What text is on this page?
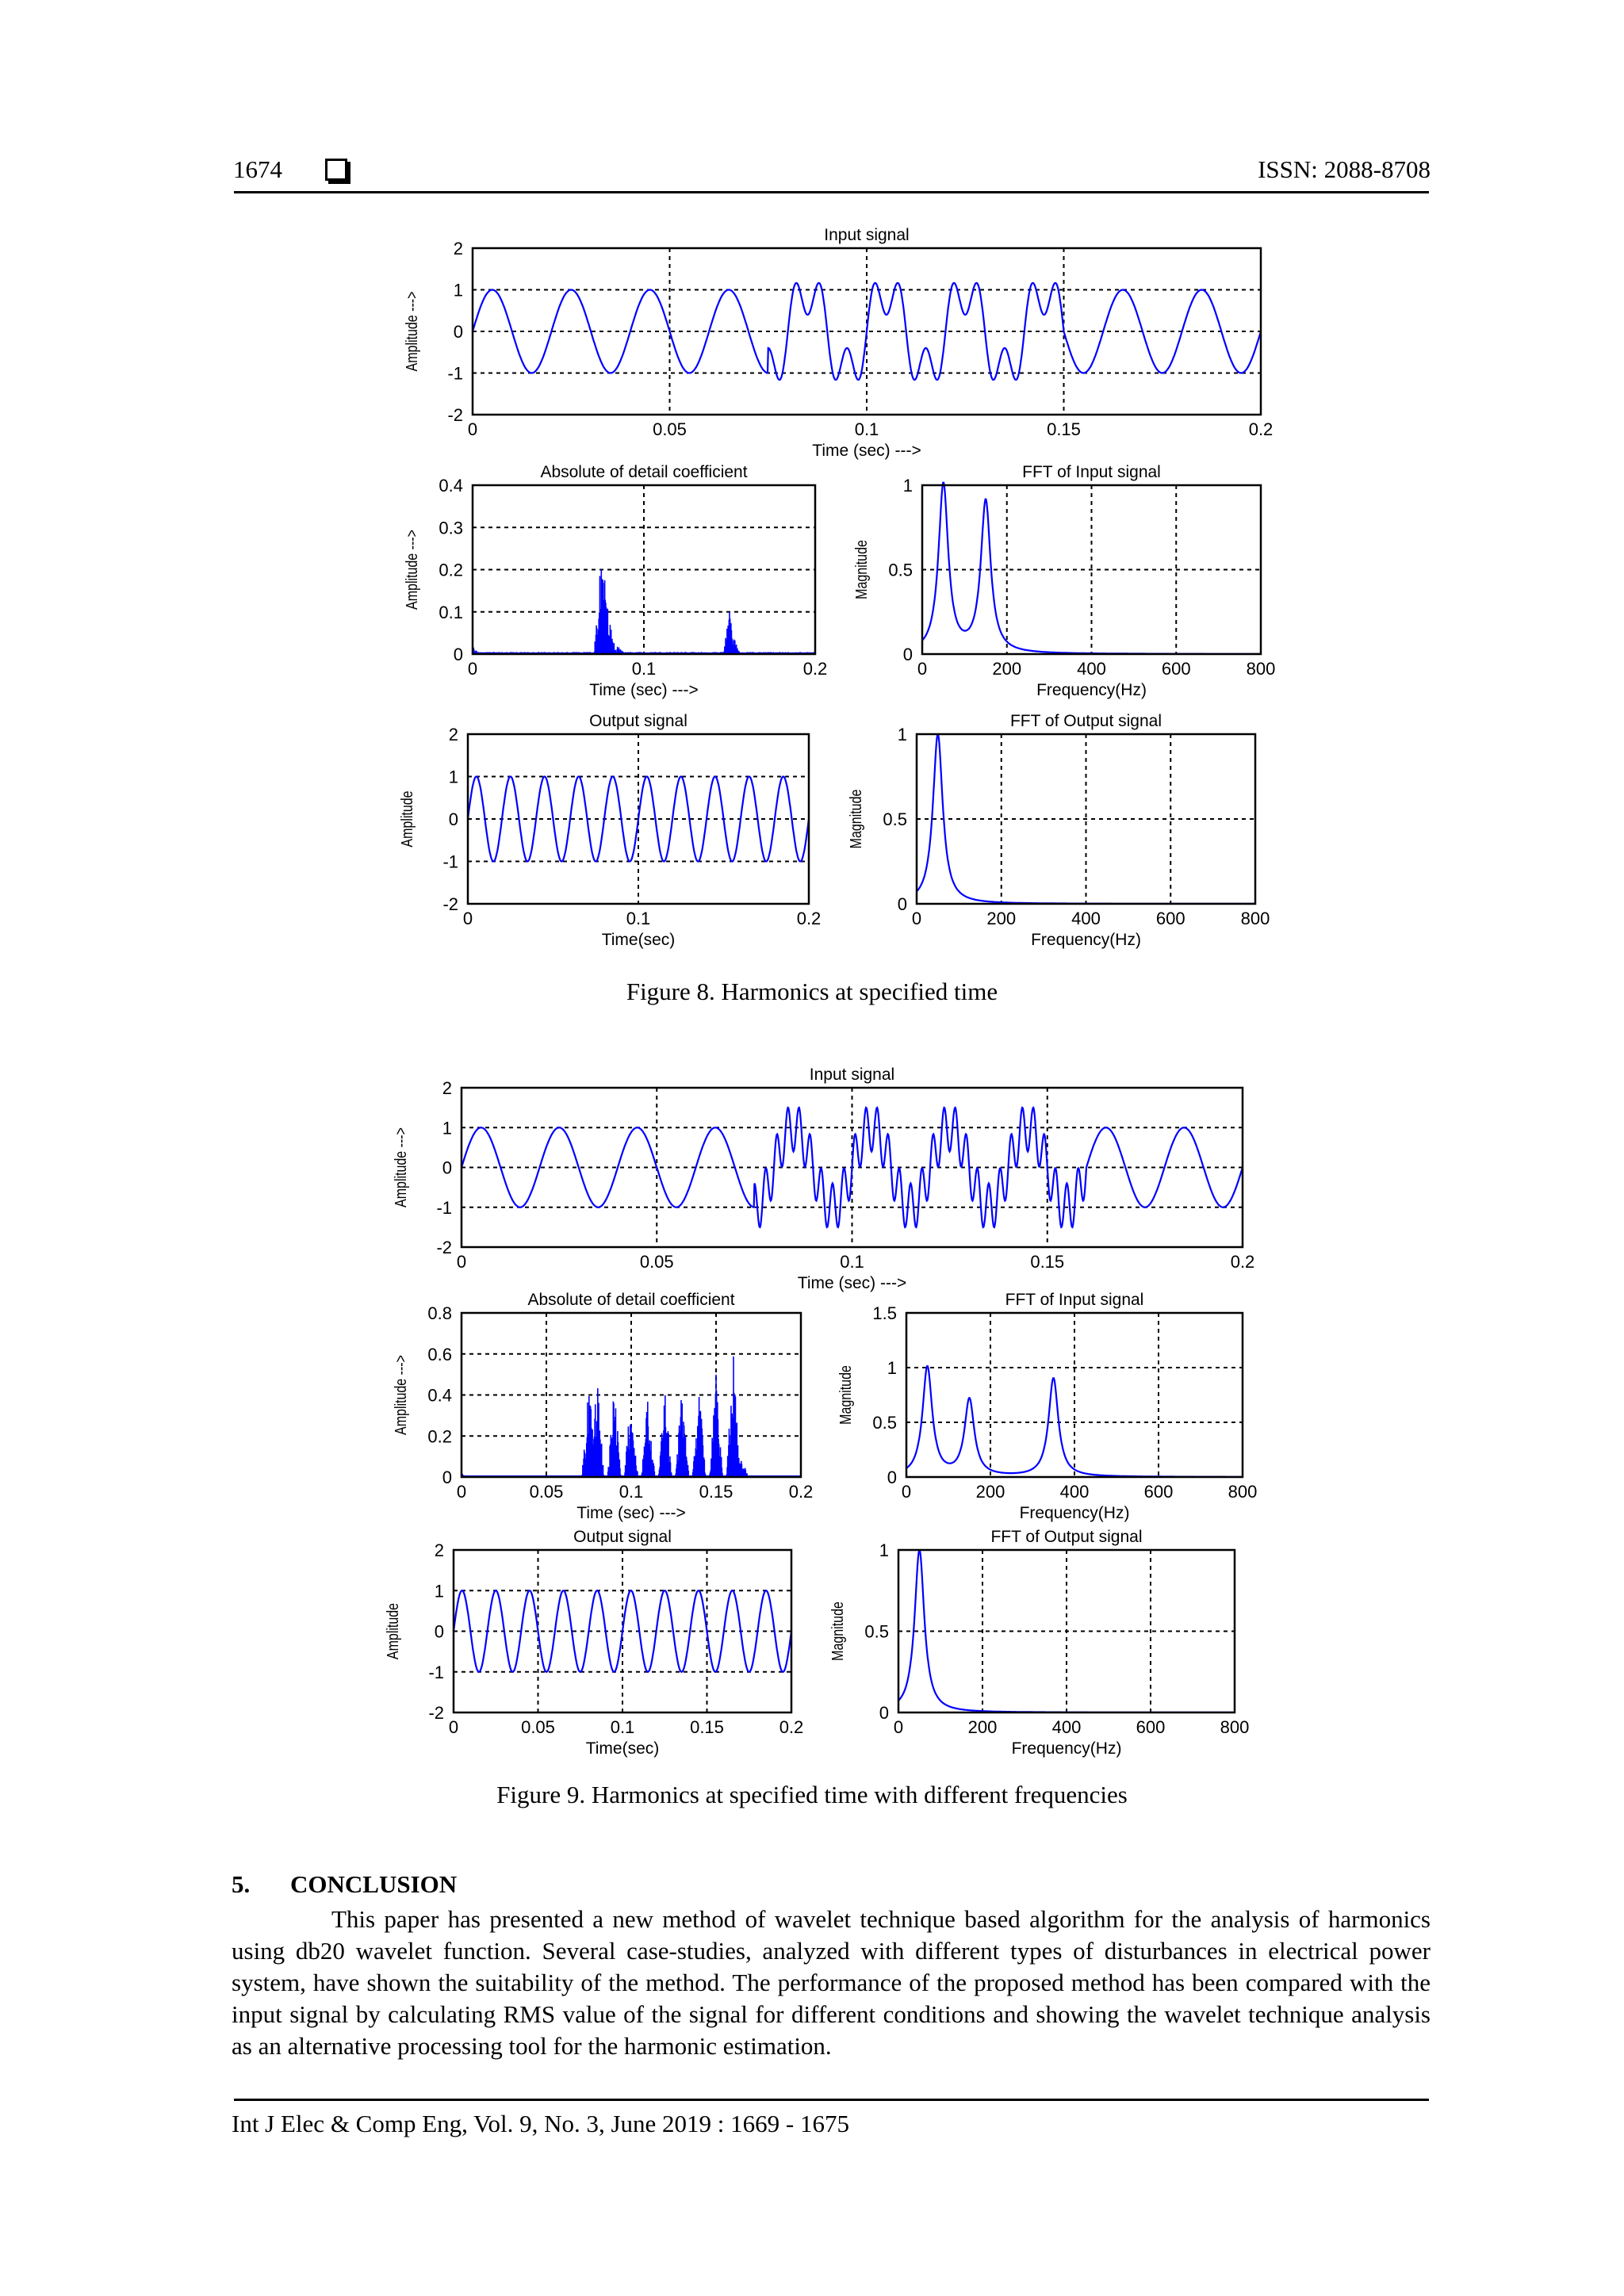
1674	ISSN: 2088-8708
0	0.05	0.1	0.15	0.2
-2
-1
0
1
2
Input signal
Time (sec) --->
Amplitude --->
0	0.1	0.2
0
0.1
0.2
0.3
0.4
Absolute of detail coefficient
Time (sec) --->
Amplitude --->
0	200	400	600	800
0
0.5
1
FFT of Input signal
Frequency(Hz)
Magnitude
0	0.1	0.2
-2
-1
0
1
2
Output signal
Time(sec)
Amplitude
0	200	400	600	800
0
0.5
1
FFT of Output signal
Frequency(Hz)
Magnitude
0	0.05	0.1	0.15	0.2
-2
-1
0
1
2
Input signal
Time (sec) --->
Amplitude --->
0	0.05	0.1	0.15	0.2
0
0.2
0.4
0.6
0.8
Absolute of detail coefficient
Time (sec) --->
Amplitude --->
0	200	400	600	800
0
0.5
1
1.5
FFT of Input signal
Frequency(Hz)
Magnitude
0	0.05	0.1	0.15	0.2
-2
-1
0
1
2
Output signal
Time(sec)
Amplitude
0	200	400	600	800
0
0.5
1
FFT of Output signal
Frequency(Hz)
Magnitude
Figure 8. Harmonics at specified time
Figure 9. Harmonics at specified time with different frequencies
5. CONCLUSION

This paper has presented a new method of wavelet technique based algorithm for the analysis of harmonics using db20 wavelet function. Several case-studies, analyzed with different types of disturbances in electrical power system, have shown the suitability of the method. The performance of the proposed method has been compared with the input signal by calculating RMS value of the signal for different conditions and showing the wavelet technique analysis as an alternative processing tool for the harmonic estimation.

Int J Elec & Comp Eng, Vol. 9, No. 3, June 2019 : 1669 - 1675
